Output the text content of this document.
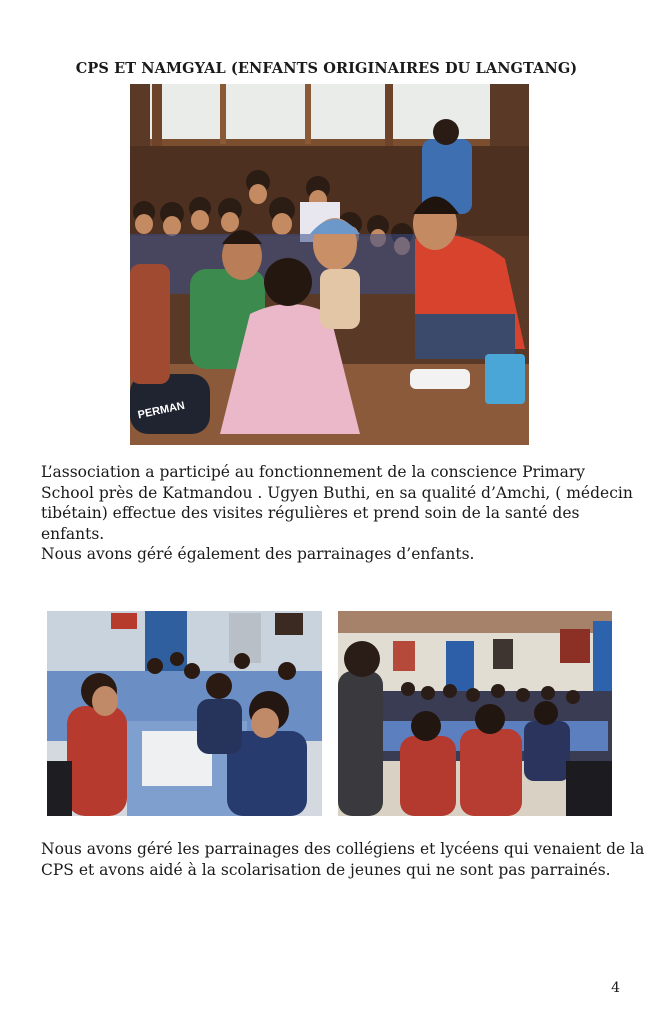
CPS ET NAMGYAL (ENFANTS ORIGINAIRES DU LANGTANG)
PERMAN
L’association a participé au fonctionnement de la conscience Primary
School près de Katmandou . Ugyen Buthi, en sa qualité d’Amchi, ( médecin
tibétain) effectue des visites régulières et prend soin de la santé des
enfants.
Nous avons géré également des parrainages d’enfants.
Nous avons géré les parrainages des collégiens et lycéens qui venaient de la
CPS et avons aidé à la scolarisation de jeunes qui ne sont pas parrainés.
4
